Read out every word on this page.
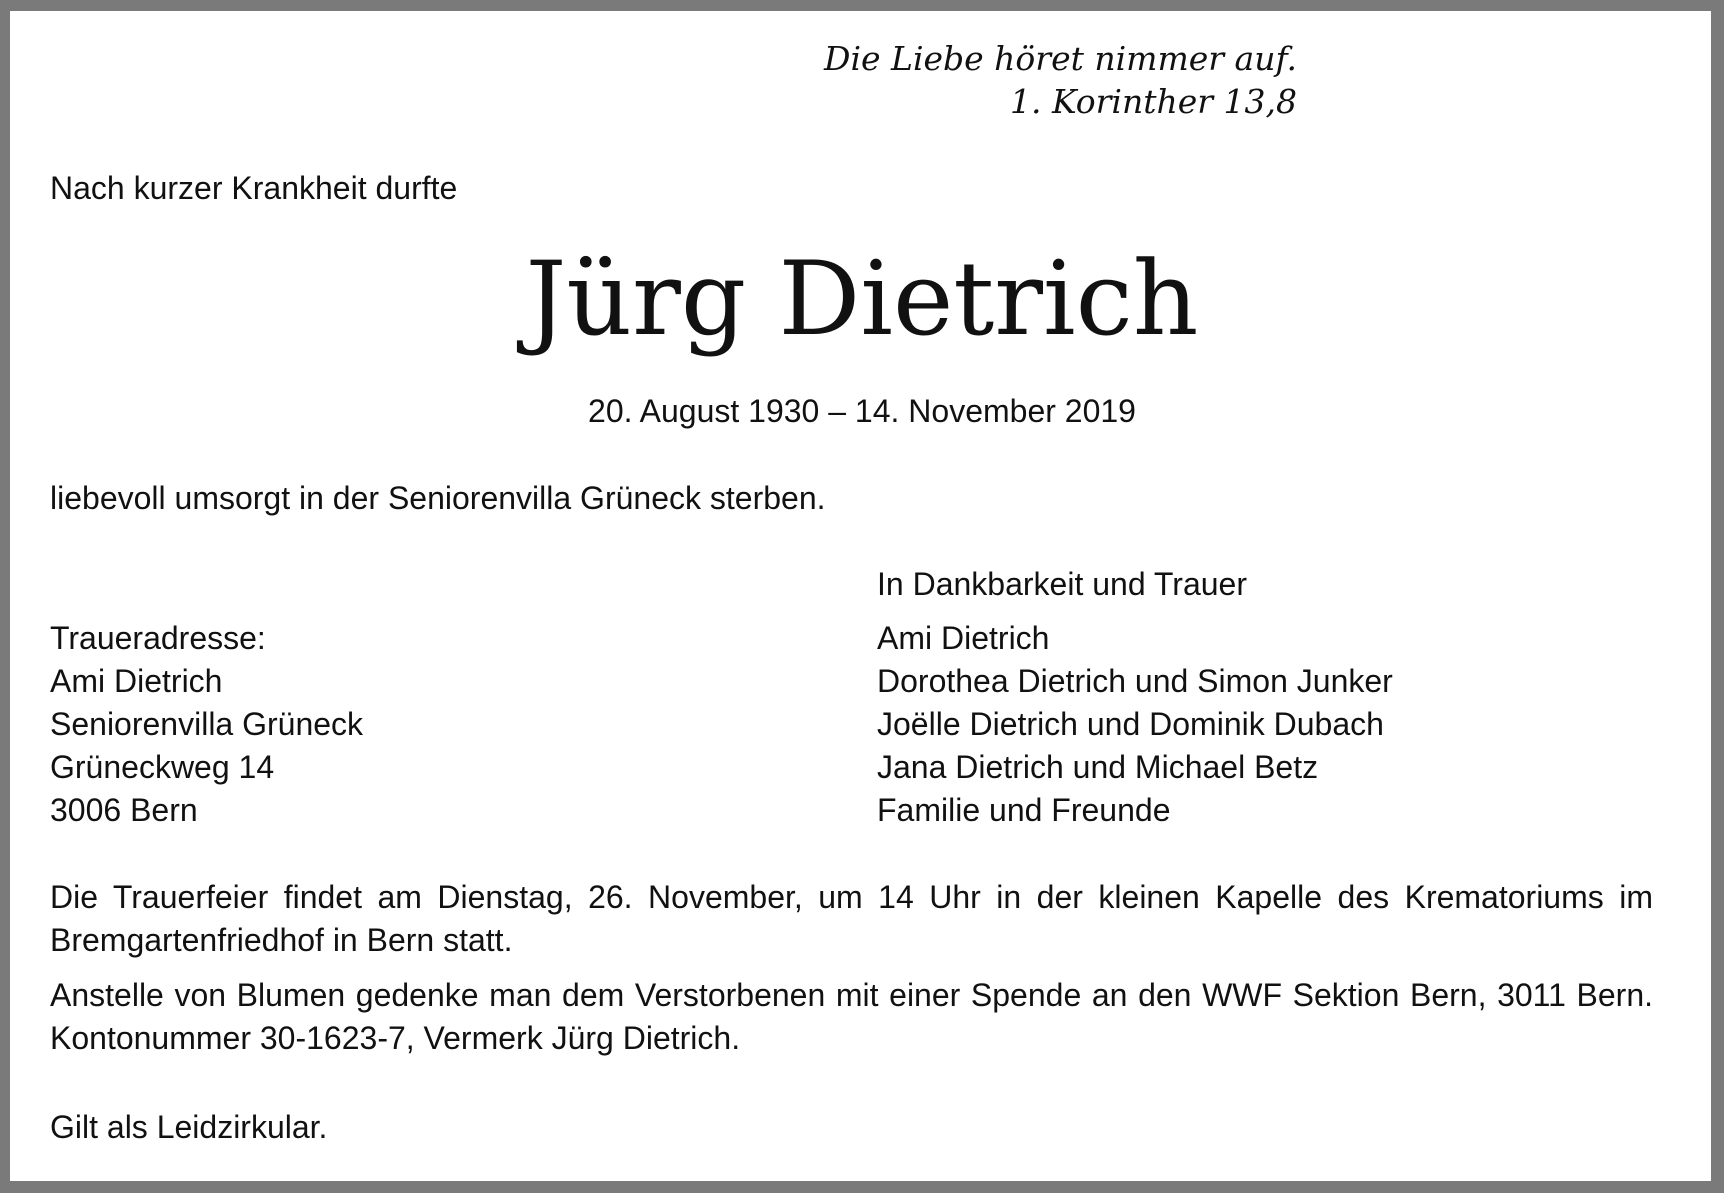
Die Liebe höret nimmer auf.
1. Korinther 13,8
Nach kurzer Krankheit durfte
Jürg Dietrich
20. August 1930 – 14. November 2019
liebevoll umsorgt in der Seniorenvilla Grüneck sterben.
In Dankbarkeit und Trauer
Traueradresse:
Ami Dietrich
Seniorenvilla Grüneck
Grüneckweg 14
3006 Bern
Ami Dietrich
Dorothea Dietrich und Simon Junker
Joëlle Dietrich und Dominik Dubach
Jana Dietrich und Michael Betz
Familie und Freunde
Die Trauerfeier findet am Dienstag, 26. November, um 14 Uhr in der kleinen Kapelle des Krematoriums im Bremgartenfriedhof in Bern statt.
Anstelle von Blumen gedenke man dem Verstorbenen mit einer Spende an den WWF Sektion Bern, 3011 Bern. Kontonummer 30-1623-7, Vermerk Jürg Dietrich.
Gilt als Leidzirkular.
